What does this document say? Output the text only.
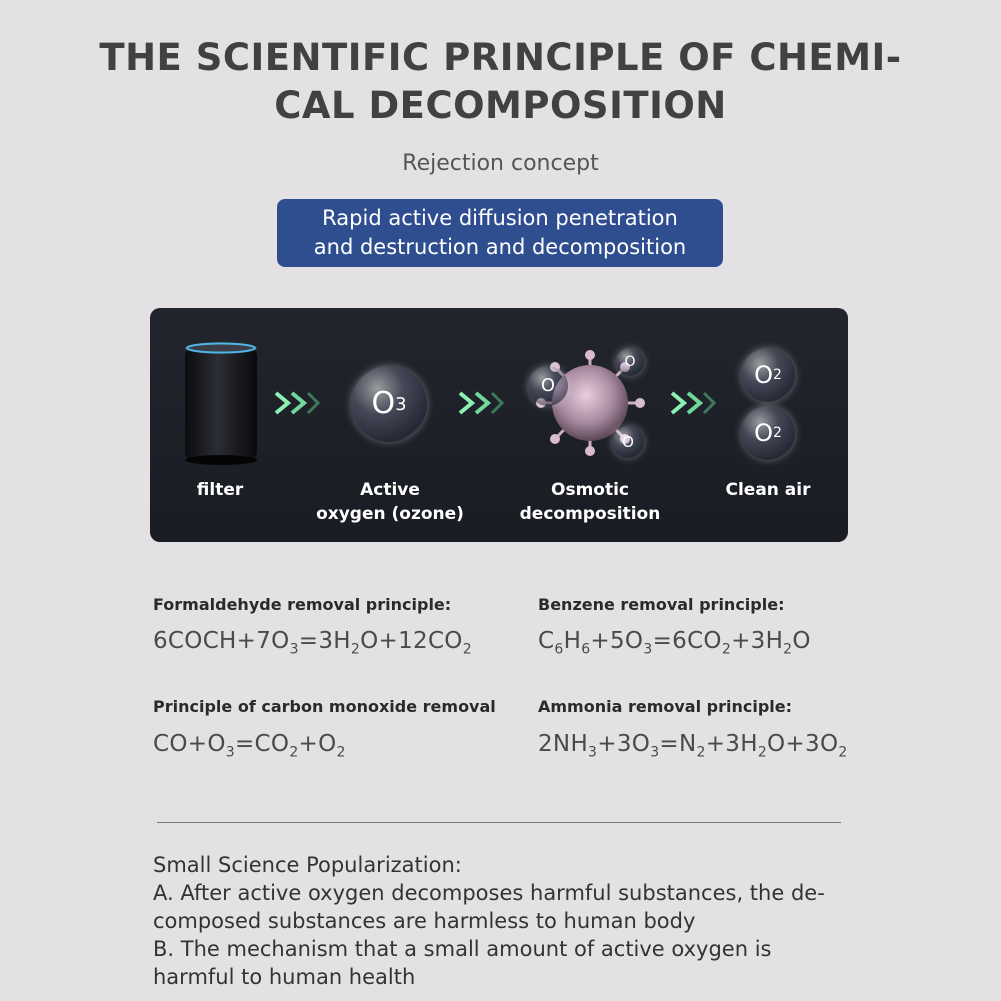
THE SCIENTIFIC PRINCIPLE OF CHEMI-
CAL DECOMPOSITION
Rejection concept
Rapid active diffusion penetration
and destruction and decomposition
O 3
O
O
O
O 2
O 2
filter	Active
oxygen (ozone)
Osmotic
decomposition
Clean air
Formaldehyde removal principle:
$6COCH+7O_3=3H_2O+12CO_2$
Benzene removal principle:
$C_6H_6+5O_3=6CO_2+3H_2O$
Principle of carbon monoxide removal
$CO+O_3=CO_2+O_2$
Ammonia removal principle:
$2NH_3+3O_3=N_2+3H_2O+3O_2$
Small Science Popularization:
A. After active oxygen decomposes harmful substances, the de-
composed substances are harmless to human body
B. The mechanism that a small amount of active oxygen is
harmful to human health
